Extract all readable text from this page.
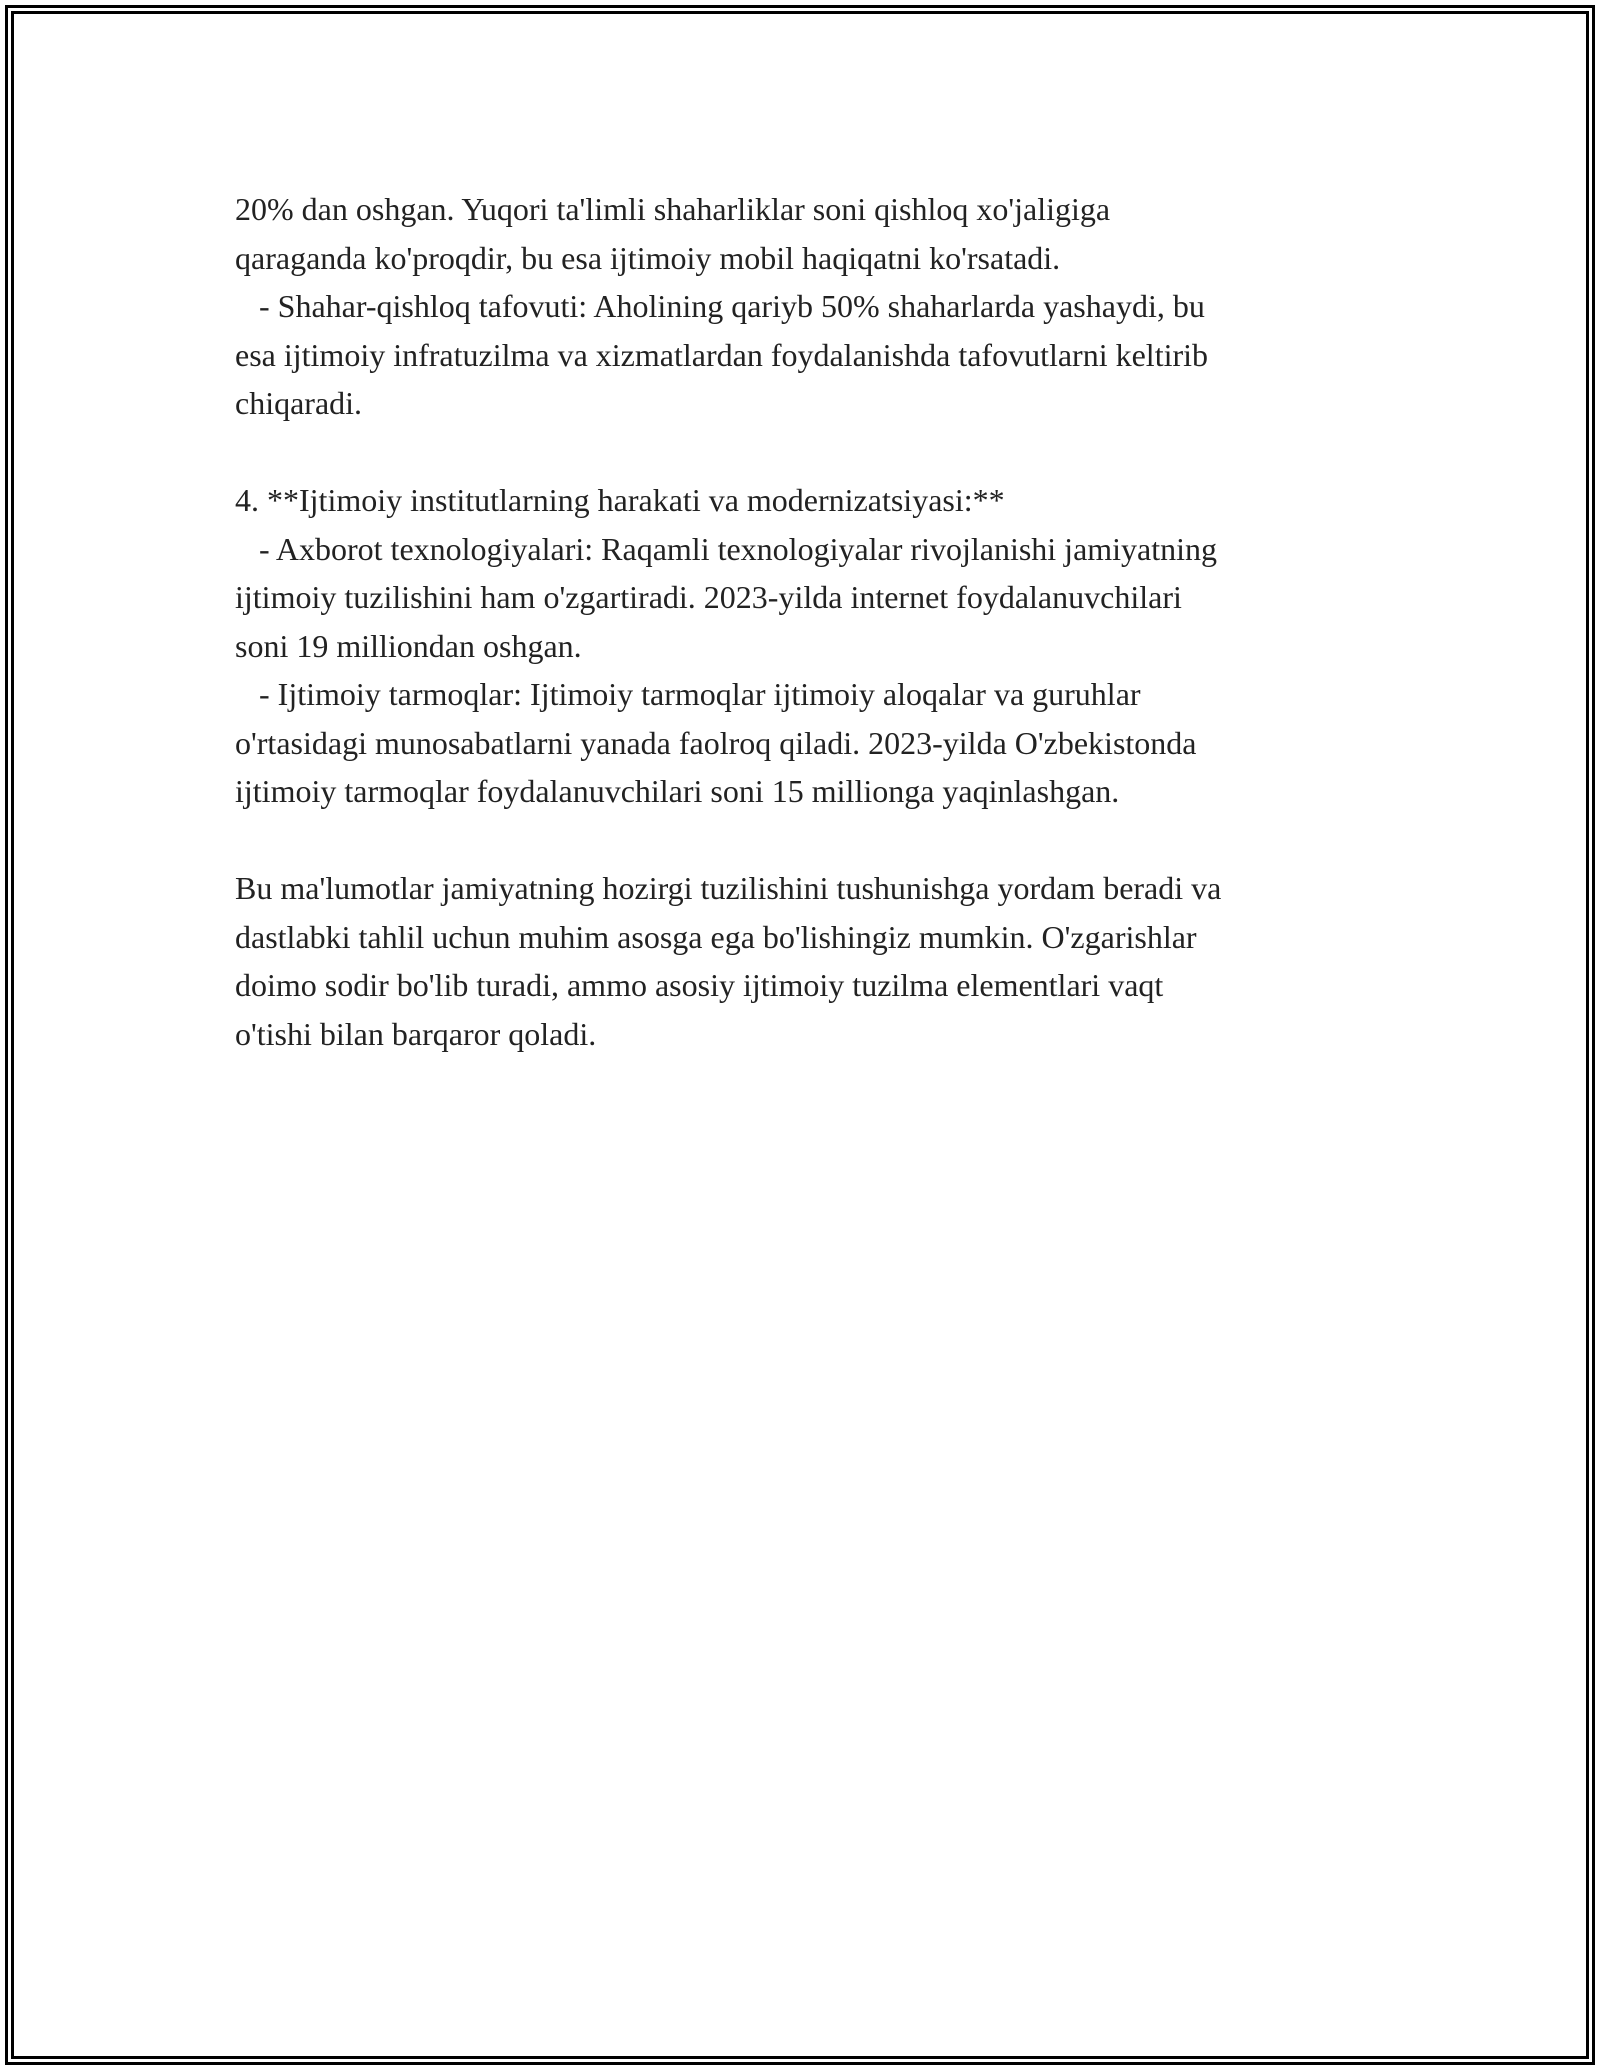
20% dan oshgan. Yuqori ta'limli shaharliklar soni qishloq xo'jaligiga
qaraganda ko'proqdir, bu esa ijtimoiy mobil haqiqatni ko'rsatadi.
- Shahar-qishloq tafovuti: Aholining qariyb 50% shaharlarda yashaydi, bu
esa ijtimoiy infratuzilma va xizmatlardan foydalanishda tafovutlarni keltirib
chiqaradi.
4. **Ijtimoiy institutlarning harakati va modernizatsiyasi:**
- Axborot texnologiyalari: Raqamli texnologiyalar rivojlanishi jamiyatning
ijtimoiy tuzilishini ham o'zgartiradi. 2023-yilda internet foydalanuvchilari
soni 19 milliondan oshgan.
- Ijtimoiy tarmoqlar: Ijtimoiy tarmoqlar ijtimoiy aloqalar va guruhlar
o'rtasidagi munosabatlarni yanada faolroq qiladi. 2023-yilda O'zbekistonda
ijtimoiy tarmoqlar foydalanuvchilari soni 15 millionga yaqinlashgan.
Bu ma'lumotlar jamiyatning hozirgi tuzilishini tushunishga yordam beradi va
dastlabki tahlil uchun muhim asosga ega bo'lishingiz mumkin. O'zgarishlar
doimo sodir bo'lib turadi, ammo asosiy ijtimoiy tuzilma elementlari vaqt
o'tishi bilan barqaror qoladi.
